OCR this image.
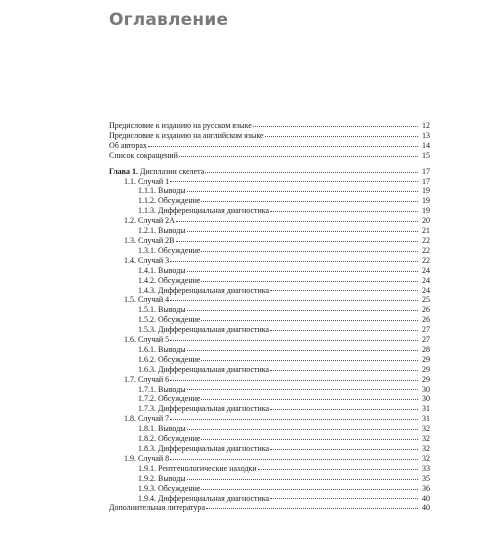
Оглавление
Предисловие к изданию на русском языке	12
Предисловие к изданию на английском языке	13
Об авторах	14
Список сокращений	15
Глава 1. Дисплазии скелета	17
1.1. Случай 1	17
1.1.1. Выводы	19
1.1.2. Обсуждение	19
1.1.3. Дифференциальная диагностика	19
1.2. Случай 2A	20
1.2.1. Выводы	21
1.3. Случай 2B	22
1.3.1. Обсуждение	22
1.4. Случай 3	22
1.4.1. Выводы	24
1.4.2. Обсуждение	24
1.4.3. Дифференциальная диагностика	24
1.5. Случай 4	25
1.5.1. Выводы	26
1.5.2. Обсуждение	26
1.5.3. Дифференциальная диагностика	27
1.6. Случай 5	27
1.6.1. Выводы	28
1.6.2. Обсуждение	29
1.6.3. Дифференциальная диагностика	29
1.7. Случай 6	29
1.7.1. Выводы	30
1.7.2. Обсуждение	30
1.7.3. Дифференциальная диагностика	31
1.8. Случай 7	31
1.8.1. Выводы	32
1.8.2. Обсуждение	32
1.8.3. Дифференциальная диагностика	32
1.9. Случай 8	32
1.9.1. Рентгенологические находки	33
1.9.2. Выводы	35
1.9.3. Обсуждение	36
1.9.4. Дифференциальная диагностика	40
Дополнительная литература	40
